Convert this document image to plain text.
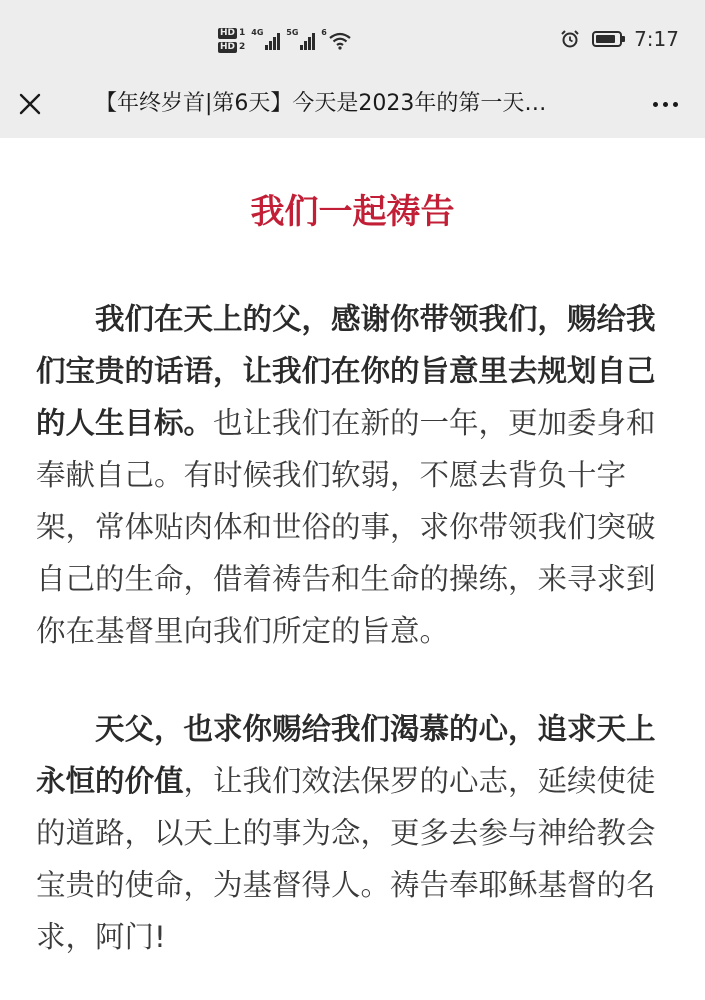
HD 1
HD 2
4G	5G	6	7:17
【年终岁首|第6天】今天是2023年的第一天…
我们一起祷告

我们在天上的父，感谢你带领我们，赐给我们宝贵的话语，让我们在你的旨意里去规划自己的人生目标。也让我们在新的一年，更加委身和奉献自己。有时候我们软弱，不愿去背负十字架，常体贴肉体和世俗的事，求你带领我们突破自己的生命，借着祷告和生命的操练，来寻求到你在基督里向我们所定的旨意。

天父，也求你赐给我们渴慕的心，追求天上永恒的价值，让我们效法保罗的心志，延续使徒的道路，以天上的事为念，更多去参与神给教会宝贵的使命，为基督得人。祷告奉耶稣基督的名求，阿门!
